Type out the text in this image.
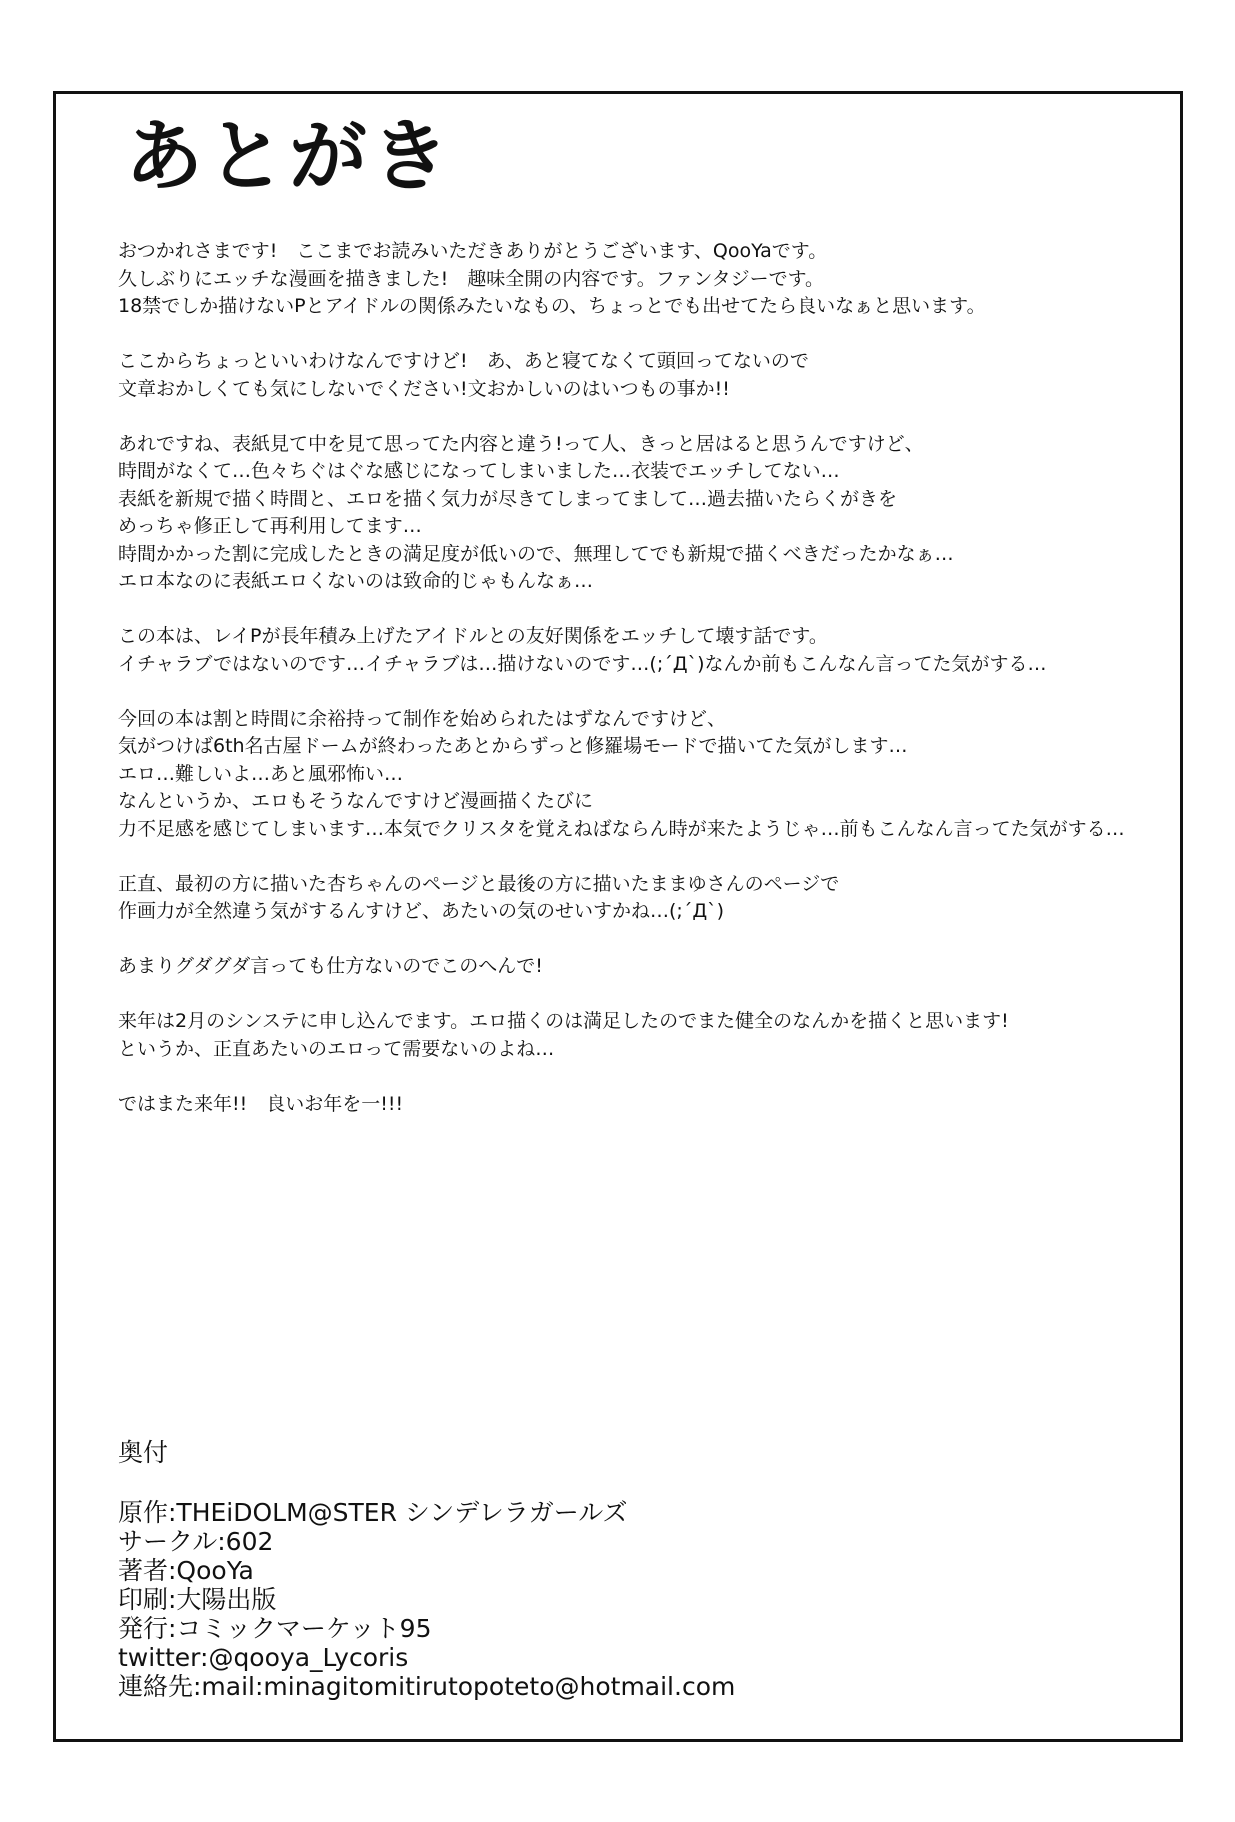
あとがき

おつかれさまです!　ここまでお読みいただきありがとうございます、QooYaです。
久しぶりにエッチな漫画を描きました!　趣味全開の内容です。ファンタジーです。
18禁でしか描けないPとアイドルの関係みたいなもの、ちょっとでも出せてたら良いなぁと思います。

ここからちょっといいわけなんですけど!　あ、あと寝てなくて頭回ってないので
文章おかしくても気にしないでください!文おかしいのはいつもの事か!!

あれですね、表紙見て中を見て思ってた内容と違う!って人、きっと居はると思うんですけど、
時間がなくて…色々ちぐはぐな感じになってしまいました…衣装でエッチしてない…
表紙を新規で描く時間と、エロを描く気力が尽きてしまってまして…過去描いたらくがきを
めっちゃ修正して再利用してます…
時間かかった割に完成したときの満足度が低いので、無理してでも新規で描くべきだったかなぁ…
エロ本なのに表紙エロくないのは致命的じゃもんなぁ…

この本は、レイPが長年積み上げたアイドルとの友好関係をエッチして壊す話です。
イチャラブではないのです…イチャラブは…描けないのです…(;´Д`)なんか前もこんなん言ってた気がする…

今回の本は割と時間に余裕持って制作を始められたはずなんですけど、
気がつけば6th名古屋ドームが終わったあとからずっと修羅場モードで描いてた気がします…
エロ…難しいよ…あと風邪怖い…
なんというか、エロもそうなんですけど漫画描くたびに
力不足感を感じてしまいます…本気でクリスタを覚えねばならん時が来たようじゃ…前もこんなん言ってた気がする…

正直、最初の方に描いた杏ちゃんのページと最後の方に描いたままゆさんのページで
作画力が全然違う気がするんすけど、あたいの気のせいすかね…(;´Д`)

あまりグダグダ言っても仕方ないのでこのへんで!

来年は2月のシンステに申し込んでます。エロ描くのは満足したのでまた健全のなんかを描くと思います!
というか、正直あたいのエロって需要ないのよね…

ではまた来年!!　良いお年を一!!!

奥付
原作:THEiDOLM@STER シンデレラガールズ
サークル:602
著者:QooYa
印刷:大陽出版
発行:コミックマーケット95
twitter:@qooya_Lycoris
連絡先:mail:minagitomitirutopoteto@hotmail.com
